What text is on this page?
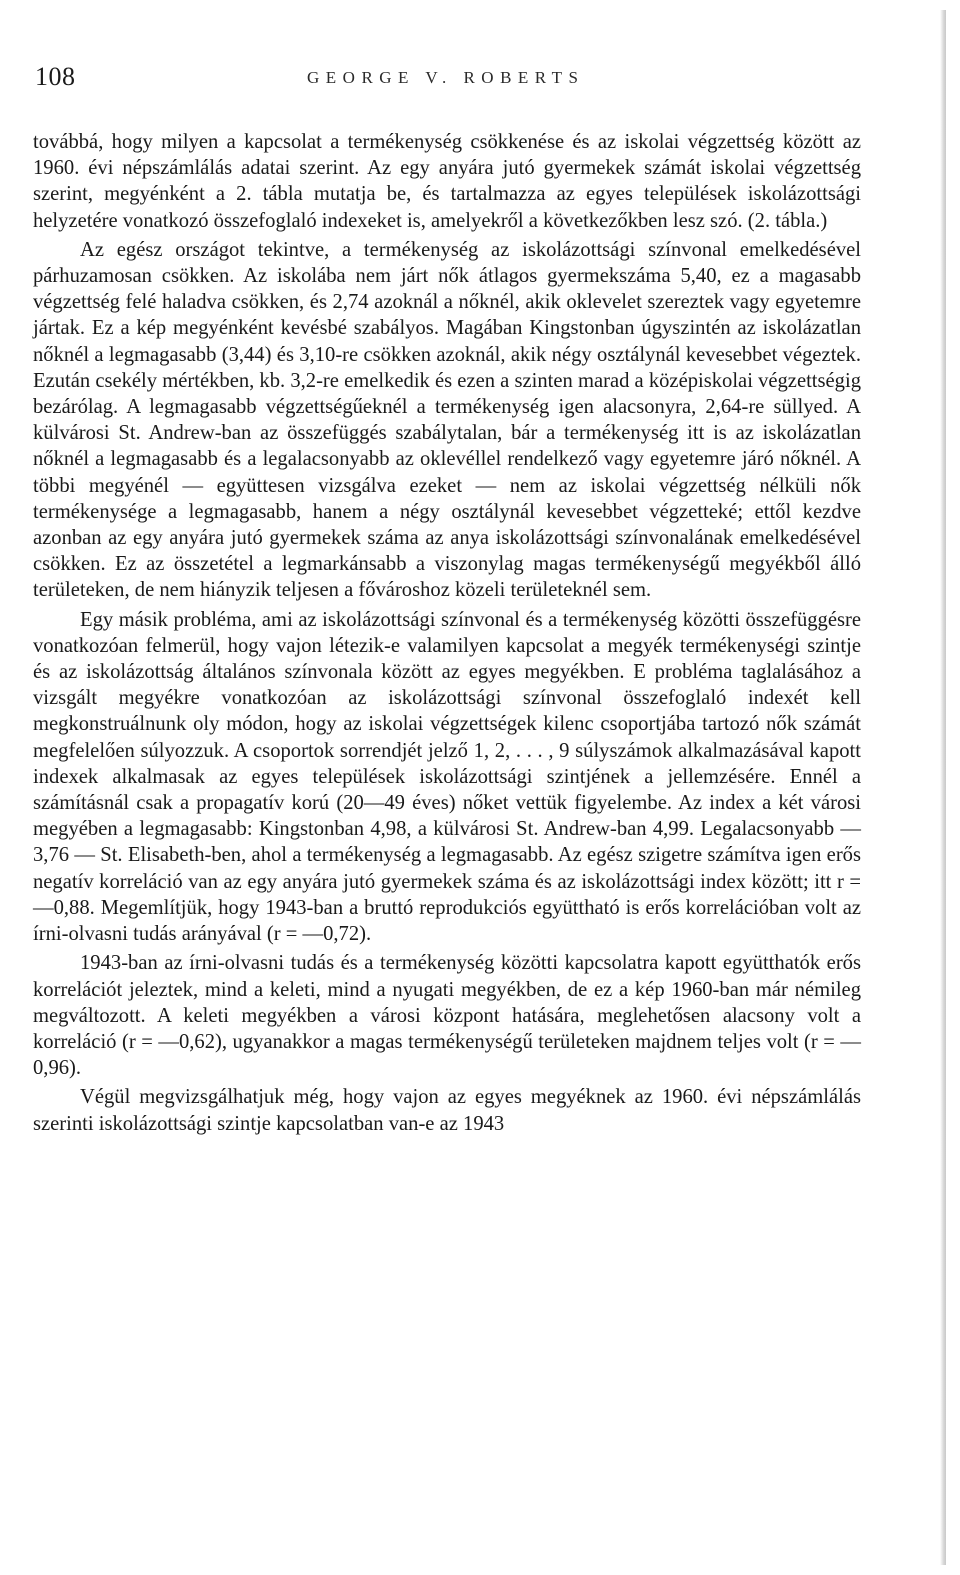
108	GEORGE V. ROBERTS

továbbá, hogy milyen a kapcsolat a termékenység csökkenése és az iskolai végzettség között az 1960. évi népszámlálás adatai szerint. Az egy anyára jutó gyermekek számát iskolai végzettség szerint, megyénként a 2. tábla mutatja be, és tartalmazza az egyes települések iskolázottsági helyzetére vonatkozó összefoglaló indexeket is, amelyekről a következőkben lesz szó. (2. tábla.)

Az egész országot tekintve, a termékenység az iskolázottsági színvonal emelkedésével párhuzamosan csökken. Az iskolába nem járt nők átlagos gyermekszáma 5,40, ez a magasabb végzettség felé haladva csökken, és 2,74 azoknál a nőknél, akik oklevelet szereztek vagy egyetemre jártak. Ez a kép megyénként kevésbé szabályos. Magában Kingstonban úgyszintén az iskolázatlan nőknél a legmagasabb (3,44) és 3,10-re csökken azoknál, akik négy osztálynál kevesebbet végeztek. Ezután csekély mértékben, kb. 3,2-re emelkedik és ezen a szinten marad a középiskolai végzettségig bezárólag. A legmagasabb végzettségűeknél a termékenység igen alacsonyra, 2,64-re süllyed. A külvárosi St. Andrew-ban az összefüggés szabálytalan, bár a termékenység itt is az iskolázatlan nőknél a legmagasabb és a legalacsonyabb az oklevéllel rendelkező vagy egyetemre járó nőknél. A többi megyénél — együttesen vizsgálva ezeket — nem az iskolai végzettség nélküli nők termékenysége a legmagasabb, hanem a négy osztálynál kevesebbet végzetteké; ettől kezdve azonban az egy anyára jutó gyermekek száma az anya iskolázottsági színvonalának emelkedésével csökken. Ez az összetétel a legmarkánsabb a viszonylag magas termékenységű megyékből álló területeken, de nem hiányzik teljesen a fővároshoz közeli területeknél sem.

Egy másik probléma, ami az iskolázottsági színvonal és a termékenység közötti összefüggésre vonatkozóan felmerül, hogy vajon létezik-e valamilyen kapcsolat a megyék termékenységi szintje és az iskolázottság általános színvonala között az egyes megyékben. E probléma taglalásához a vizsgált megyékre vonatkozóan az iskolázottsági színvonal összefoglaló indexét kell megkonstruálnunk oly módon, hogy az iskolai végzettségek kilenc csoportjába tartozó nők számát megfelelően súlyozzuk. A csoportok sorrendjét jelző 1, 2, . . . , 9 súlyszámok alkalmazásával kapott indexek alkalmasak az egyes települések iskolázottsági szintjének a jellemzésére. Ennél a számításnál csak a propagatív korú (20—49 éves) nőket vettük figyelembe. Az index a két városi megyében a legmagasabb: Kingstonban 4,98, a külvárosi St. Andrew-ban 4,99. Legalacsonyabb — 3,76 — St. Elisabeth-ben, ahol a termékenység a legmagasabb. Az egész szigetre számítva igen erős negatív korreláció van az egy anyára jutó gyermekek száma és az iskolázottsági index között; itt r = —0,88. Megemlítjük, hogy 1943-ban a bruttó reprodukciós együttható is erős korrelációban volt az írni-olvasni tudás arányával (r = —0,72).

1943-ban az írni-olvasni tudás és a termékenység közötti kapcsolatra kapott együtthatók erős korrelációt jeleztek, mind a keleti, mind a nyugati megyékben, de ez a kép 1960-ban már némileg megváltozott. A keleti megyékben a városi központ hatására, meglehetősen alacsony volt a korreláció (r = —0,62), ugyanakkor a magas termékenységű területeken majdnem teljes volt (r = —0,96).

Végül megvizsgálhatjuk még, hogy vajon az egyes megyéknek az 1960. évi népszámlálás szerinti iskolázottsági szintje kapcsolatban van-e az 1943
